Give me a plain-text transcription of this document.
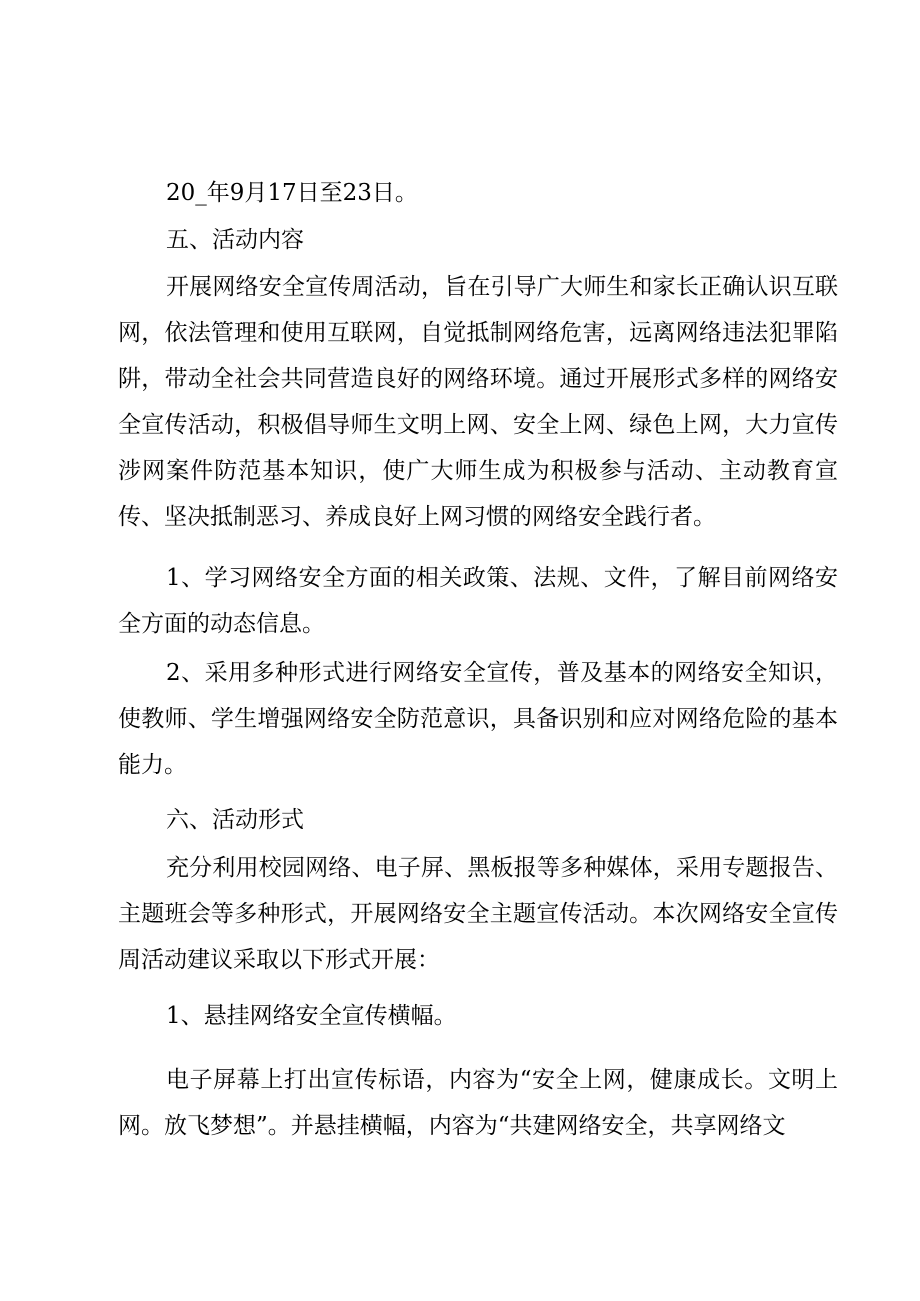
20_年9月17日至23日。

五、活动内容

开展网络安全宣传周活动，旨在引导广大师生和家长正确认识互联网，依法管理和使用互联网，自觉抵制网络危害，远离网络违法犯罪陷阱，带动全社会共同营造良好的网络环境。通过开展形式多样的网络安全宣传活动，积极倡导师生文明上网、安全上网、绿色上网，大力宣传涉网案件防范基本知识，使广大师生成为积极参与活动、主动教育宣传、坚决抵制恶习、养成良好上网习惯的网络安全践行者。

1、学习网络安全方面的相关政策、法规、文件，了解目前网络安全方面的动态信息。

2、采用多种形式进行网络安全宣传，普及基本的网络安全知识，使教师、学生增强网络安全防范意识，具备识别和应对网络危险的基本能力。

六、活动形式

充分利用校园网络、电子屏、黑板报等多种媒体，采用专题报告、主题班会等多种形式，开展网络安全主题宣传活动。本次网络安全宣传周活动建议采取以下形式开展：

1、悬挂网络安全宣传横幅。

电子屏幕上打出宣传标语，内容为“安全上网，健康成长。文明上网。放飞梦想”。并悬挂横幅，内容为“共建网络安全，共享网络文
